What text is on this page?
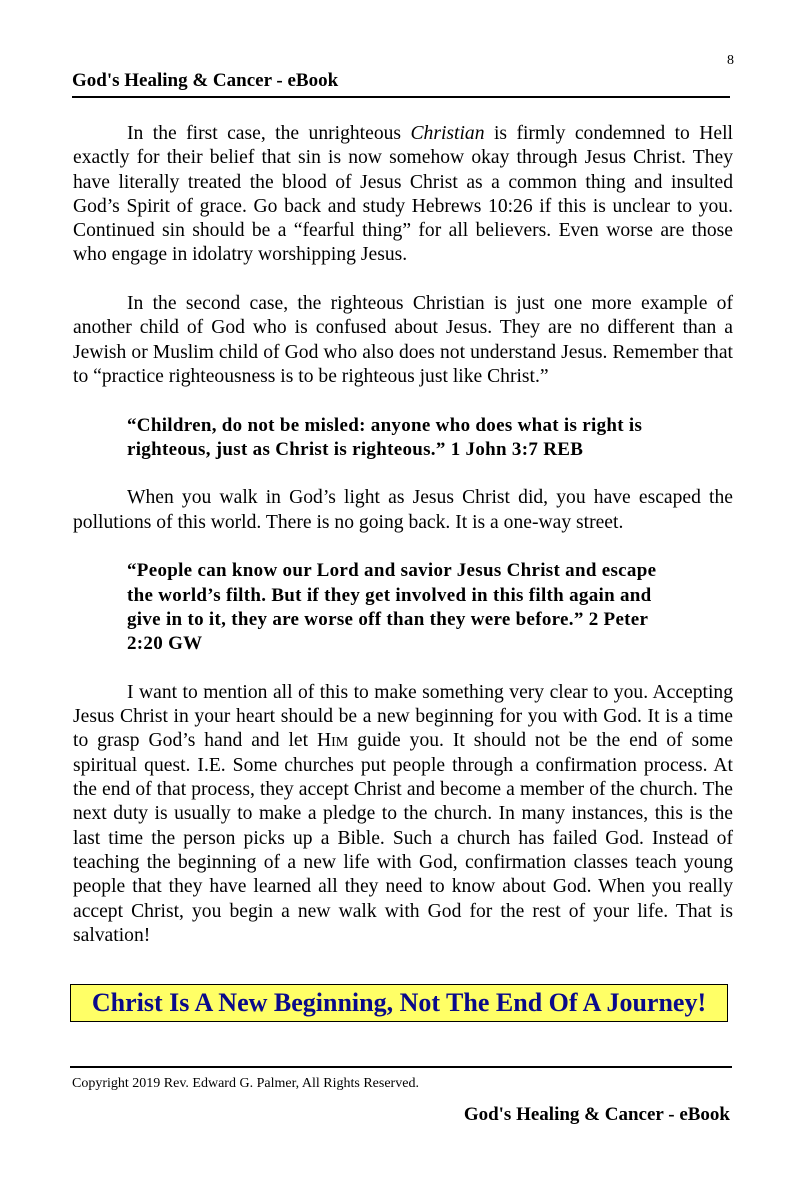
8
God's Healing & Cancer - eBook

In the first case, the unrighteous Christian is firmly condemned to Hell exactly for their belief that sin is now somehow okay through Jesus Christ. They have literally treated the blood of Jesus Christ as a common thing and insulted God’s Spirit of grace. Go back and study Hebrews 10:26 if this is unclear to you. Continued sin should be a “fearful thing” for all believers. Even worse are those who engage in idolatry worshipping Jesus.

In the second case, the righteous Christian is just one more example of another child of God who is confused about Jesus. They are no different than a Jewish or Muslim child of God who also does not understand Jesus. Remember that to “practice righteousness is to be righteous just like Christ.”

“Children, do not be misled: anyone who does what is right is righteous, just as Christ is righteous.” 1 John 3:7 REB

When you walk in God’s light as Jesus Christ did, you have escaped the pollutions of this world. There is no going back. It is a one-way street.

“People can know our Lord and savior Jesus Christ and escape the world’s filth. But if they get involved in this filth again and give in to it, they are worse off than they were before.” 2 Peter 2:20 GW

I want to mention all of this to make something very clear to you. Accepting Jesus Christ in your heart should be a new beginning for you with God. It is a time to grasp God’s hand and let Him guide you. It should not be the end of some spiritual quest. I.E. Some churches put people through a confirmation process. At the end of that process, they accept Christ and become a member of the church. The next duty is usually to make a pledge to the church. In many instances, this is the last time the person picks up a Bible. Such a church has failed God. Instead of teaching the beginning of a new life with God, confirmation classes teach young people that they have learned all they need to know about God. When you really accept Christ, you begin a new walk with God for the rest of your life. That is salvation!

Christ Is A New Beginning, Not The End Of A Journey!
Copyright 2019 Rev. Edward G. Palmer, All Rights Reserved.
God's Healing & Cancer - eBook
